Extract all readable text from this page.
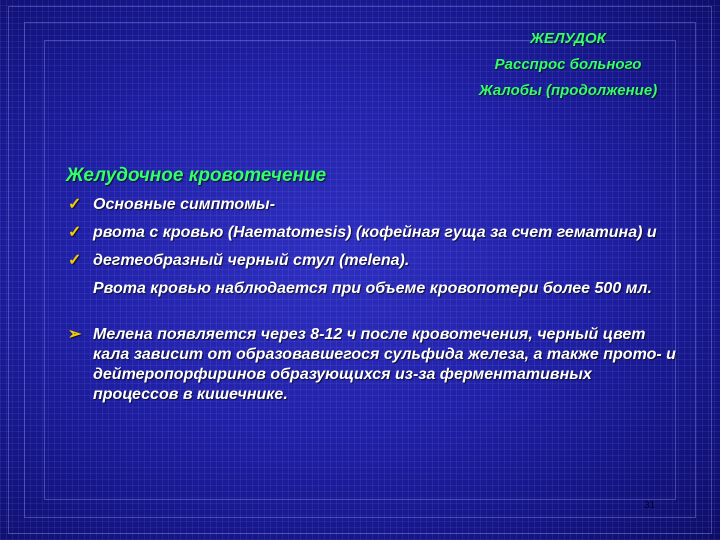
ЖЕЛУДОК
Расспрос больного
Жалобы (продолжение)
Желудочное кровотечение
✓ Основные симптомы-
✓ рвота с кровью (Haematomesis) (кофейная гуща за счет гематина) и
✓ дегтеобразный черный стул (melena).
Рвота кровью наблюдается при объеме кровопотери более 500 мл.
➢ Мелена появляется через 8-12 ч после кровотечения, черный цвет кала зависит от образовавшегося сульфида железа, а также прото- и дейтеропорфиринов образующихся из-за ферментативных процессов в кишечнике.
31
